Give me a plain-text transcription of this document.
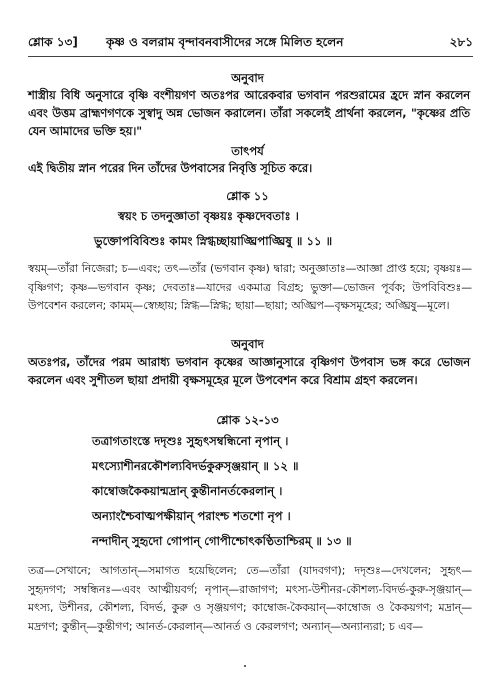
শ্লোক ১৩] কৃষ্ণ ও বলরাম বৃন্দাবনবাসীদের সঙ্গে মিলিত হলেন	২৮১
অনুবাদ
শাস্ত্রীয় বিধি অনুসারে বৃষ্ণি বংশীয়গণ অতঃপর আরেকবার ভগবান পরশুরামের হ্রদে স্নান করলেন এবং উত্তম ব্রাহ্মণগণকে সুস্বাদু অন্ন ভোজন করালেন। তাঁরা সকলেই প্রার্থনা করলেন, "কৃষ্ণের প্রতি যেন আমাদের ভক্তি হয়।"
তাৎপর্য
এই দ্বিতীয় স্নান পরের দিন তাঁদের উপবাসের নিবৃত্তি সূচিত করে।
শ্লোক ১১
স্বয়ং চ তদনুজ্ঞাতা বৃষ্ণয়ঃ কৃষ্ণদেবতাঃ ।
ভুক্তোপবিবিশুঃ কামং স্নিগ্ধচ্ছায়াঙ্ঘ্রিপাঙ্ঘ্রিষু ॥ ১১ ॥
স্বয়ম্—তাঁরা নিজেরা; চ—এবং; তৎ—তাঁর (ভগবান কৃষ্ণ) দ্বারা; অনুজ্ঞাতাঃ—আজ্ঞা প্রাপ্ত হয়ে; বৃষ্ণয়ঃ—বৃষ্ণিগণ; কৃষ্ণ—ভগবান কৃষ্ণ; দেবতাঃ—যাদের একমাত্র বিগ্রহ; ভুক্তা—ভোজন পূর্বক; উপবিবিশুঃ—উপবেশন করলেন; কামম্—স্বেচ্ছায়; স্নিগ্ধ—স্নিগ্ধ; ছায়া—ছায়া; অঙ্ঘ্রিপ—বৃক্ষসমূহের; অঙ্ঘ্রিষু—মূলে।
অনুবাদ
অতঃপর, তাঁদের পরম আরাধ্য ভগবান কৃষ্ণের আজ্ঞানুসারে বৃষ্ণিগণ উপবাস ভঙ্গ করে ভোজন করলেন এবং সুশীতল ছায়া প্রদায়ী বৃক্ষসমূহের মূলে উপবেশন করে বিশ্রাম গ্রহণ করলেন।
শ্লোক ১২-১৩
তত্রাগতাংস্তে দদৃশুঃ সুহৃৎসম্বন্ধিনো নৃপান্ ।
মৎস্যোশীনরকৌশল্যবিদর্ভকুরুসৃঞ্জয়ান্ ॥ ১২ ॥
কাম্বোজকৈকয়ান্মদ্রান্ কুন্তীনানর্তকেরলান্ ।
অন্যাংশ্চৈবাত্মপক্ষীয়ান্ পরাংশ্চ শতশো নৃপ ।
নন্দাদীন্ সুহৃদো গোপান্ গোপীশ্চোৎকণ্ঠিতাশ্চিরম্ ॥ ১৩ ॥
তত্র—সেখানে; আগতান্—সমাগত হয়েছিলেন; তে—তাঁরা (যাদবগণ); দদৃশুঃ—দেখলেন; সুহৃৎ—সুহৃদগণ; সম্বন্ধিনঃ—এবং আত্মীয়বর্গ; নৃপান্—রাজাগণ; মৎস্য-উশীনর-কৌশল্য-বিদর্ভ-কুরু-সৃঞ্জয়ান্—মৎস্য, উশীনর, কৌশল্য, বিদর্ভ, কুরু ও সৃঞ্জয়গণ; কাম্বোজ-কৈকয়ান্—কাম্বোজ ও কৈকয়গণ; মদ্রান্—মদ্রগণ; কুন্তীন্—কুন্তীগণ; আনর্ত-কেরলান্—আনর্ত ও কেরলগণ; অন্যান্—অন্যান্যরা; চ এব—
